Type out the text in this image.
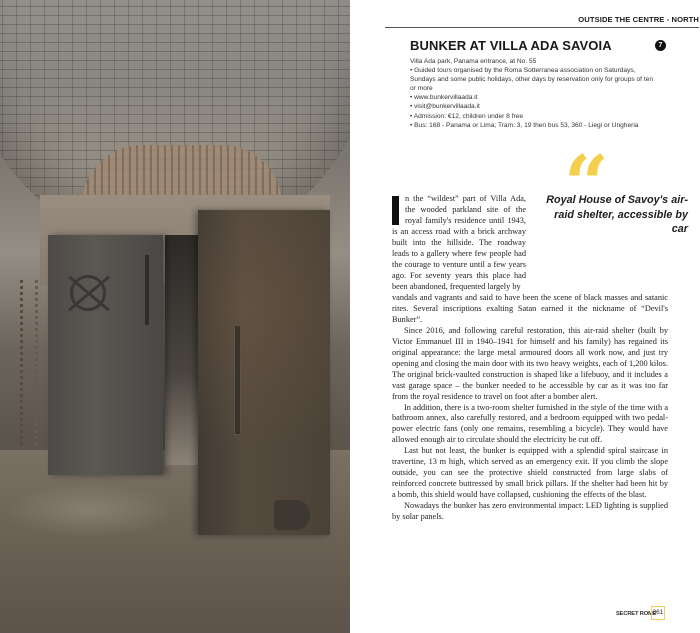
OUTSIDE THE CENTRE - NORTH
BUNKER AT VILLA ADA SAVOIA	7

Villa Ada park, Panama entrance, at No. 55

• Guided tours organised by the Roma Sotterranea association on Saturdays, Sundays and some public holidays, other days by reservation only for groups of ten or more

• www.bunkervillaada.it

• visit@bunkervillaada.it

• Admission: €12, children under 8 free

• Bus: 168 - Panama or Lima; Tram: 3, 19 then bus 53, 360 - Liegi or Ungheria

“
Royal House of Savoy's air-raid shelter, accessible by car
n the “wildest” part of Villa Ada, the wooded parkland site of the royal family's residence until 1943, is an access road with a brick archway built into the hillside. The roadway leads to a gallery where few people had the courage to venture until a few years ago. For seventy years this place had been abandoned, frequented largely by

vandals and vagrants and said to have been the scene of black masses and satanic rites. Several inscriptions exalting Satan earned it the nickname of “Devil's Bunker”.

Since 2016, and following careful restoration, this air-raid shelter (built by Victor Emmanuel III in 1940–1941 for himself and his family) has regained its original appearance: the large metal armoured doors all work now, and just try opening and closing the main door with its two heavy weights, each of 1,200 kilos. The original brick-vaulted construction is shaped like a lifebuoy, and it includes a vast garage space – the bunker needed to be accessible by car as it was too far from the royal residence to travel on foot after a bomber alert.

In addition, there is a two-room shelter furnished in the style of the time with a bathroom annex, also carefully restored, and a bedroom equipped with two pedal-power electric fans (only one remains, resembling a bicycle). They would have allowed enough air to circulate should the electricity be cut off.

Last but not least, the bunker is equipped with a splendid spiral staircase in travertine, 13 m high, which served as an emergency exit. If you climb the slope outside, you can see the protective shield constructed from large slabs of reinforced concrete buttressed by small brick pillars. If the shelter had been hit by a bomb, this shield would have collapsed, cushioning the effects of the blast.

Nowadays the bunker has zero environmental impact: LED lighting is supplied by solar panels.

SECRET ROME
361
